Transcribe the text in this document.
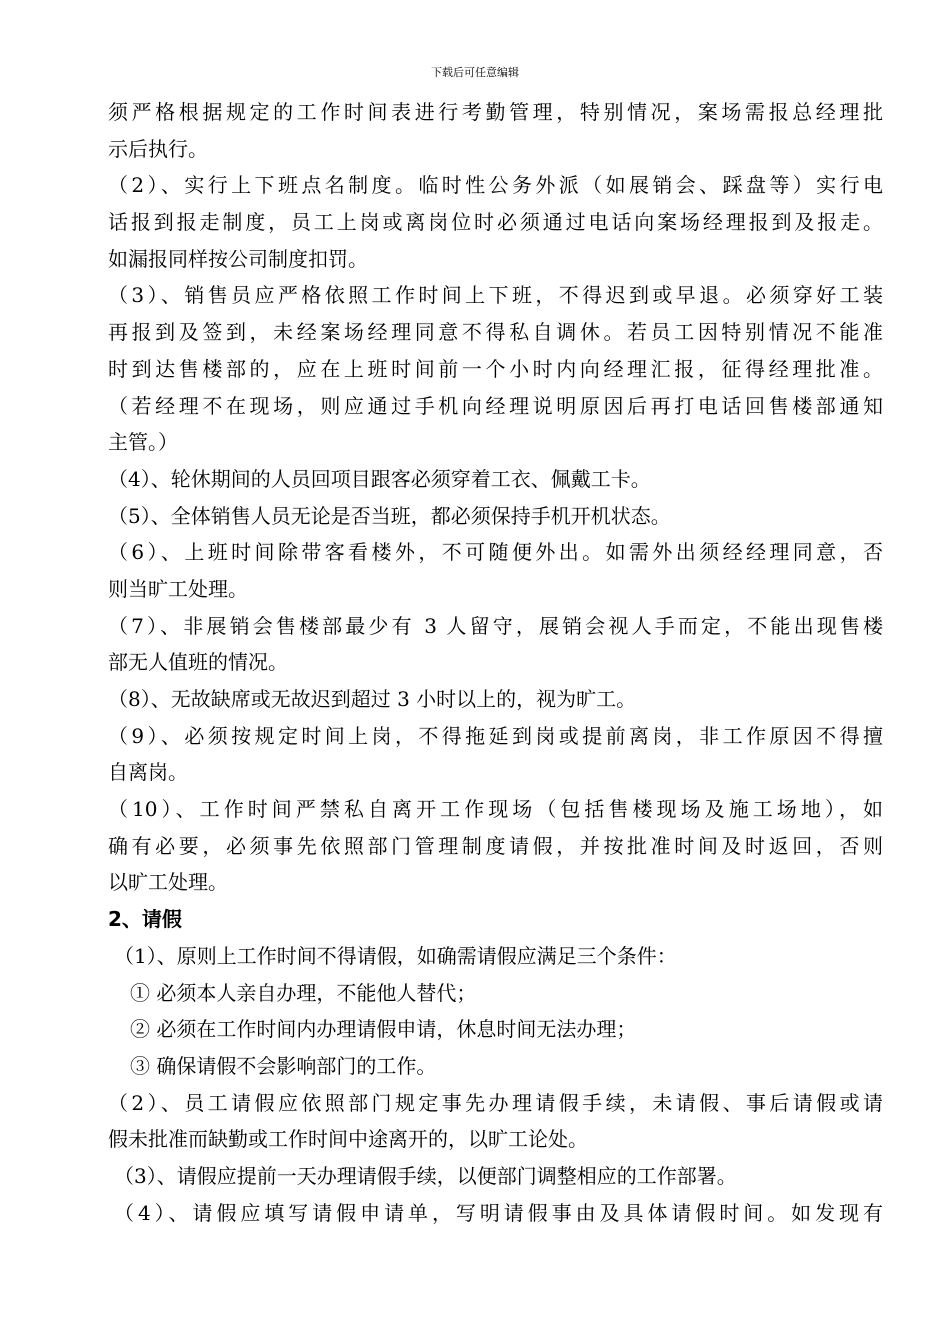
下载后可任意编辑
须严格根据规定的工作时间表进行考勤管理，特别情况，案场需报总经理批
示后执行。
（2）、实行上下班点名制度。临时性公务外派（如展销会、踩盘等）实行电
话报到报走制度，员工上岗或离岗位时必须通过电话向案场经理报到及报走。
如漏报同样按公司制度扣罚。
（3）、销售员应严格依照工作时间上下班，不得迟到或早退。必须穿好工装
再报到及签到，未经案场经理同意不得私自调休。若员工因特别情况不能准
时到达售楼部的，应在上班时间前一个小时内向经理汇报，征得经理批准。
（若经理不在现场，则应通过手机向经理说明原因后再打电话回售楼部通知
主管。）
（4）、轮休期间的人员回项目跟客必须穿着工衣、佩戴工卡。
（5）、全体销售人员无论是否当班，都必须保持手机开机状态。
（6）、上班时间除带客看楼外，不可随便外出。如需外出须经经理同意，否
则当旷工处理。
（7）、非展销会售楼部最少有 3 人留守，展销会视人手而定，不能出现售楼
部无人值班的情况。
（8）、无故缺席或无故迟到超过 3 小时以上的，视为旷工。
（9）、必须按规定时间上岗，不得拖延到岗或提前离岗，非工作原因不得擅
自离岗。
（10）、工作时间严禁私自离开工作现场（包括售楼现场及施工场地），如
确有必要，必须事先依照部门管理制度请假，并按批准时间及时返回，否则
以旷工处理。
2、请假
（1）、原则上工作时间不得请假，如确需请假应满足三个条件：
① 必须本人亲自办理，不能他人替代；
② 必须在工作时间内办理请假申请，休息时间无法办理；
③ 确保请假不会影响部门的工作。
（2）、员工请假应依照部门规定事先办理请假手续，未请假、事后请假或请
假未批准而缺勤或工作时间中途离开的，以旷工论处。
（3）、请假应提前一天办理请假手续，以便部门调整相应的工作部署。
（4）、请假应填写请假申请单，写明请假事由及具体请假时间。如发现有
